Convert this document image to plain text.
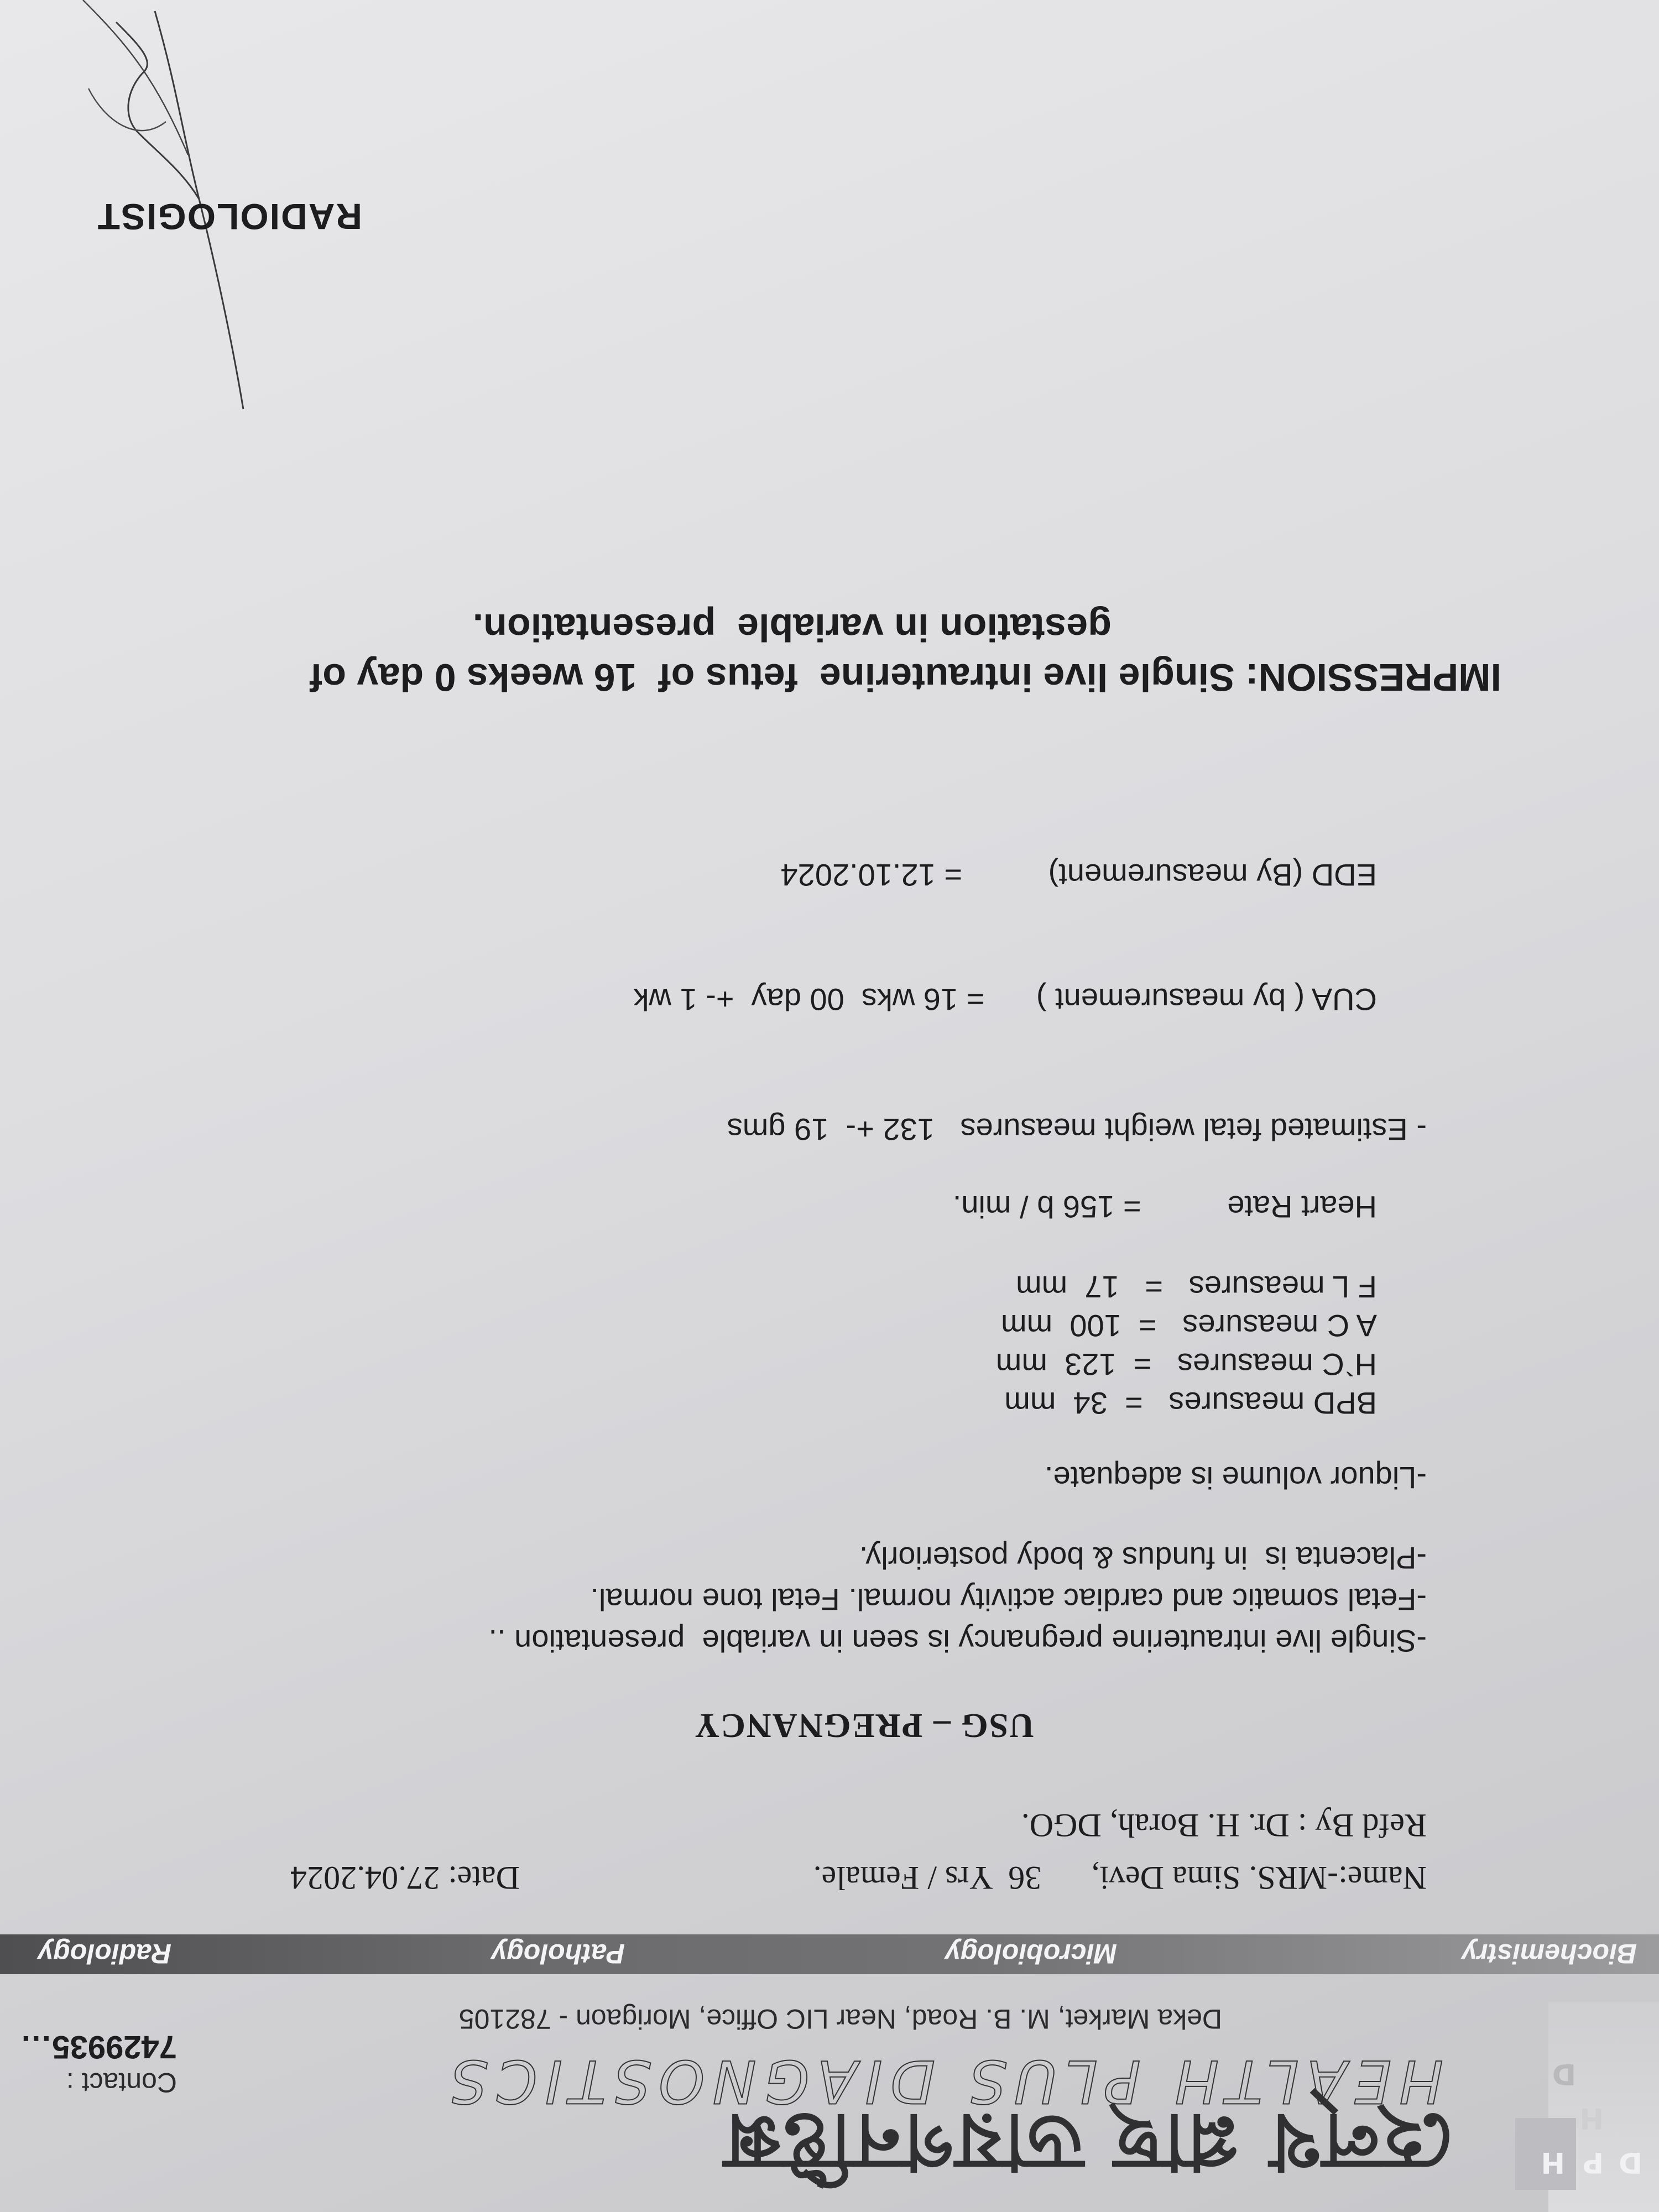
H P D
H
D
হেল্থ প্লাছ ডায়গনষ্টিক্স
HEALTH PLUS DIAGNOSTICS
Deka Market, M. B. Road, Near LIC Office, Morigaon - 782105
Contact :
7429935…
Biochemistry
Microbiology
Pathology
Radiology
Name:-MRS. Sima Devi,      36  Yrs / Female.
Date: 27.04.2024
Refd By : Dr. H. Borah, DGO.
USG – PREGNANCY
-Single live intrauterine pregnancy is seen in variable  presentation ..
-Fetal somatic and cardiac activity normal. Fetal tone normal.
-Placenta is  in fundus & body posteriorly.
-Liquor volume is adequate.
BPD measures   =  34  mm
H`C measures   =  123  mm
A C measures   =  100  mm
F L measures   =   17  mm
Heart Rate          = 156 b / min.
- Estimated fetal weight measures   132 +-  19 gms
CUA ( by measurement )      = 16 wks  00 day  +- 1 wk
EDD (By measurement)          = 12.10.2024
IMPRESSION: Single live intrauterine  fetus of  16 weeks 0 day of
gestation in variable  presentation.
RADIOLOGIST
